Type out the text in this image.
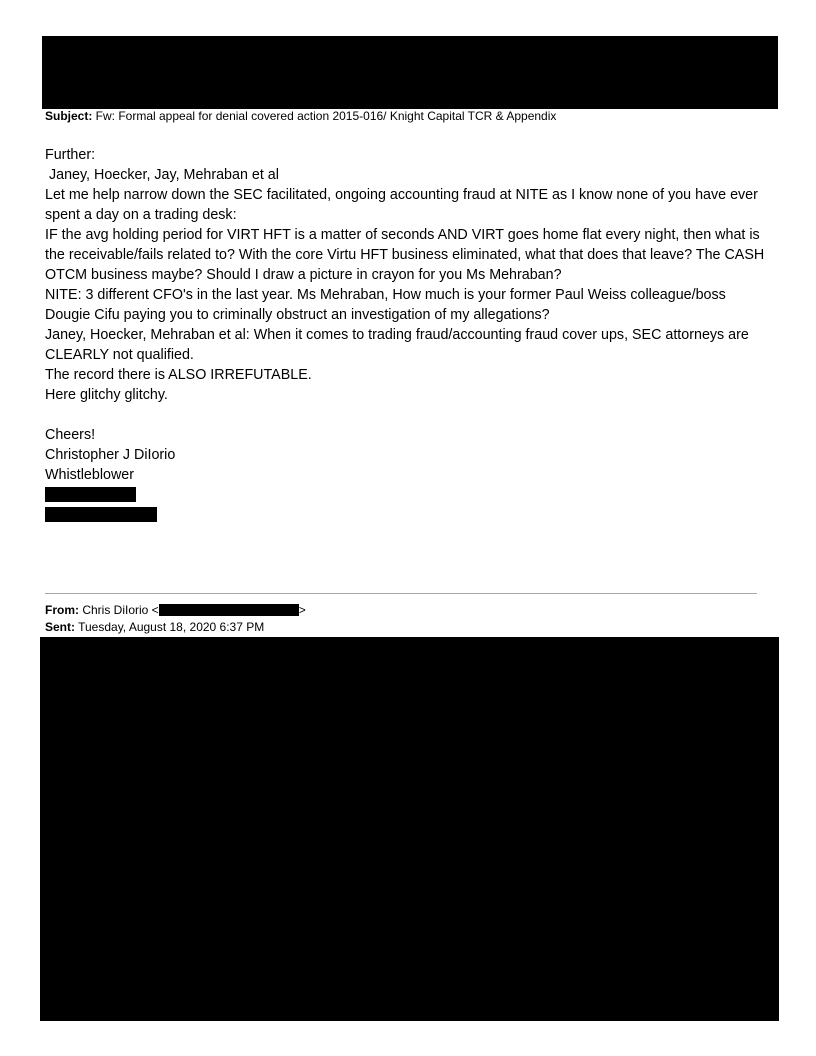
Subject: Fw: Formal appeal for denial covered action 2015-016/ Knight Capital TCR & Appendix

Further:

Janey, Hoecker, Jay, Mehraban et al

Let me help narrow down the SEC facilitated, ongoing accounting fraud at NITE as I know none of you have ever spent a day on a trading desk:

IF the avg holding period for VIRT HFT is a matter of seconds AND VIRT goes home flat every night, then what is the receivable/fails related to? With the core Virtu HFT business eliminated, what that does that leave? The CASH OTCM business maybe? Should I draw a picture in crayon for you Ms Mehraban?

NITE: 3 different CFO's in the last year. Ms Mehraban, How much is your former Paul Weiss colleague/boss Dougie Cifu paying you to criminally obstruct an investigation of my allegations?

Janey, Hoecker, Mehraban et al: When it comes to trading fraud/accounting fraud cover ups, SEC attorneys are CLEARLY not qualified.

The record there is ALSO IRREFUTABLE.

Here glitchy glitchy.

Cheers!

Christopher J DiIorio

Whistleblower

From: Chris DiIorio <	>
Sent: Tuesday, August 18, 2020 6:37 PM
